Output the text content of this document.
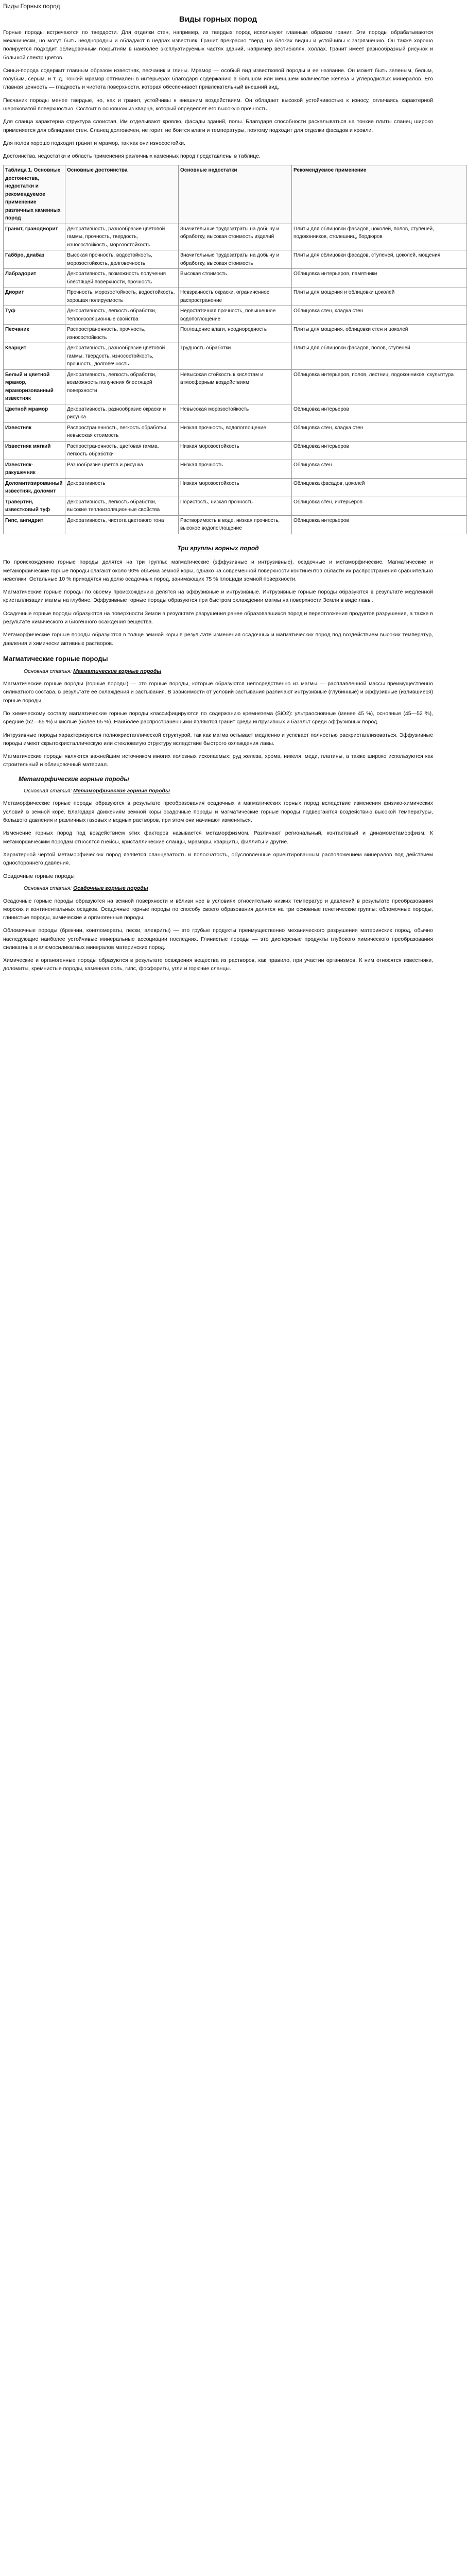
Виды Горных пород
Виды горных пород

Горные породы встречаются по твердости. Для отделки стен, например, из твердых пород используют главным образом гранит. Эти породы обрабатываются механически, но могут быть неоднородны и обладают в недрах известняк. Гранит прекрасно тверд, на блоках видны и устойчивы к загрязнению. Он также хорошо полируется подходит облицовочным покрытиям в наиболее эксплуатируемых частях зданий, например вестибюлях, холлах. Гранит имеет разнообразный рисунок и большой спектр цветов.

Синьи-порода содержит главным образом известняк, песчаник и глины. Мрамор — особый вид известковой породы и ее название. Он может быть зеленым, белым, голубым, серым, и т. д. Тонкий мрамор оптимален в интерьерах благодаря содержанию в большом или меньшем количестве железа и углеродистых минералов. Его главная ценность — гладкость и чистота поверхности, которая обеспечивает привлекательный внешний вид.

Песчаник породы менее твердые, но, как и гранит, устойчивы к внешним воздействиям. Он обладает высокой устойчивостью к износу, отличаясь характерной шероховатой поверхностью. Состоит в основном из кварца, который определяет его высокую прочность.

Для сланца характерна структура слоистая. Им отделывают кровлю, фасады зданий, полы. Благодаря способности раскалываться на тонкие плиты сланец широко применяется для облицовки стен. Сланец долговечен, не горит, не боится влаги и температуры, поэтому подходит для отделки фасадов и кровли.

Для полов хорошо подходит гранит и мрамор, так как они износостойки.

Достоинства, недостатки и область применения различных каменных пород представлены в таблице.

Таблица 1. Основные достоинства, недостатки и рекомендуемое применение различных каменных пород	Основные достоинства	Основные недостатки	Рекомендуемое применение
Гранит, гранодиорит	Декоративность, разнообразие цветовой гаммы, прочность, твердость, износостойкость, морозостойкость	Значительные трудозатраты на добычу и обработку, высокая стоимость изделий	Плиты для облицовки фасадов, цоколей, полов, ступеней, подоконников, столешниц, бордюров
Габбро, диабаз	Высокая прочность, водостойкость, морозостойкость, долговечность	Значительные трудозатраты на добычу и обработку, высокая стоимость	Плиты для облицовки фасадов, ступеней, цоколей, мощения
Лабрадорит	Декоративность, возможность получения блестящей поверхности, прочность	Высокая стоимость	Облицовка интерьеров, памятники
Диорит	Прочность, морозостойкость, водостойкость, хорошая полируемость	Невзрачность окраски, ограниченное распространение	Плиты для мощения и облицовки цоколей
Туф	Декоративность, легкость обработки, теплоизоляционные свойства	Недостаточная прочность, повышенное водопоглощение	Облицовка стен, кладка стен
Песчаник	Распространенность, прочность, износостойкость	Поглощение влаги, неоднородность	Плиты для мощения, облицовки стен и цоколей
Кварцит	Декоративность, разнообразие цветовой гаммы, твердость, износостойкость, прочность, долговечность	Трудность обработки	Плиты для облицовки фасадов, полов, ступеней
Белый и цветной мрамор, мраморизованный известняк	Декоративность, легкость обработки, возможность получения блестящей поверхности	Невысокая стойкость к кислотам и атмосферным воздействиям	Облицовка интерьеров, полов, лестниц, подоконников, скульптура
Цветной мрамор	Декоративность, разнообразие окраски и рисунка	Невысокая морозостойкость	Облицовка интерьеров
Известняк	Распространенность, легкость обработки, невысокая стоимость	Низкая прочность, водопоглощение	Облицовка стен, кладка стен
Известняк мягкий	Распространенность, цветовая гамма, легкость обработки	Низкая морозостойкость	Облицовка интерьеров
Известняк-ракушечник	Разнообразие цветов и рисунка	Низкая прочность	Облицовка стен
Доломитизированный известняк, доломит	Декоративность	Низкая морозостойкость	Облицовка фасадов, цоколей
Травертин, известковый туф	Декоративность, легкость обработки, высокие теплоизоляционные свойства	Пористость, низкая прочность	Облицовка стен, интерьеров
Гипс, ангидрит	Декоративность, чистота цветового тона	Растворимость в воде, низкая прочность, высокое водопоглощение	Облицовка интерьеров
Три группы горных пород

По происхождению горные породы делятся на три группы: магматические (эффузивные и интрузивные), осадочные и метаморфические. Магматические и метаморфические горные породы слагают около 90% объема земной коры, однако на современной поверхности континентов области их распространения сравнительно невелики. Остальные 10 % приходятся на долю осадочных пород, занимающих 75 % площади земной поверхности.

Магматические горные породы по своему происхождению делятся на эффузивные и интрузивные. Интрузивные горные породы образуются в результате медленной кристаллизации магмы на глубине. Эффузивные горные породы образуются при быстром охлаждении магмы на поверхности Земли в виде лавы.

Осадочные горные породы образуются на поверхности Земли в результате разрушения ранее образовавшихся пород и переотложения продуктов разрушения, а также в результате химического и биогенного осаждения вещества.

Метаморфические горные породы образуются в толще земной коры в результате изменения осадочных и магматических пород под воздействием высоких температур, давления и химически активных растворов.

Магматические горные породы
Основная статья: Магматические горные породы

Магматические горные породы (горные породы) — это горные породы, которые образуются непосредственно из магмы — расплавленной массы преимущественно силикатного состава, в результате ее охлаждения и застывания. В зависимости от условий застывания различают интрузивные (глубинные) и эффузивные (излившиеся) горные породы.

По химическому составу магматические горные породы классифицируются по содержанию кремнезема (SiO2): ультраосновные (менее 45 %), основные (45—52 %), средние (52—65 %) и кислые (более 65 %). Наиболее распространенными являются гранит среди интрузивных и базальт среди эффузивных пород.

Интрузивные породы характеризуются полнокристаллической структурой, так как магма остывает медленно и успевает полностью раскристаллизоваться. Эффузивные породы имеют скрытокристаллическую или стекловатую структуру вследствие быстрого охлаждения лавы.

Магматические породы являются важнейшим источником многих полезных ископаемых: руд железа, хрома, никеля, меди, платины, а также широко используются как строительный и облицовочный материал.

Метаморфические горные породы
Основная статья: Метаморфические горные породы

Метаморфические горные породы образуются в результате преобразования осадочных и магматических горных пород вследствие изменения физико-химических условий в земной коре. Благодаря движениям земной коры осадочные породы и магматические горные породы подвергаются воздействию высокой температуры, большого давления и различных газовых и водных растворов, при этом они начинают изменяться.

Изменение горных пород под воздействием этих факторов называется метаморфизмом. Различают региональный, контактовый и динамометаморфизм. К метаморфическим породам относятся гнейсы, кристаллические сланцы, мраморы, кварциты, филлиты и другие.

Характерной чертой метаморфических пород является сланцеватость и полосчатость, обусловленные ориентированным расположением минералов под действием одностороннего давления.

Осадочные горные породы
Основная статья: Осадочные горные породы

Осадочные горные породы образуются на земной поверхности и вблизи нее в условиях относительно низких температур и давлений в результате преобразования морских и континентальных осадков. Осадочные горные породы по способу своего образования делятся на три основные генетические группы: обломочные породы, глинистые породы, химические и органогенные породы.

Обломочные породы (брекчии, конгломераты, пески, алевриты) — это грубые продукты преимущественно механического разрушения материнских пород, обычно наследующие наиболее устойчивые минеральные ассоциации последних. Глинистые породы — это дисперсные продукты глубокого химического преобразования силикатных и алюмосиликатных минералов материнских пород.

Химические и органогенные породы образуются в результате осаждения вещества из растворов, как правило, при участии организмов. К ним относятся известняки, доломиты, кремнистые породы, каменная соль, гипс, фосфориты, угли и горючие сланцы.
